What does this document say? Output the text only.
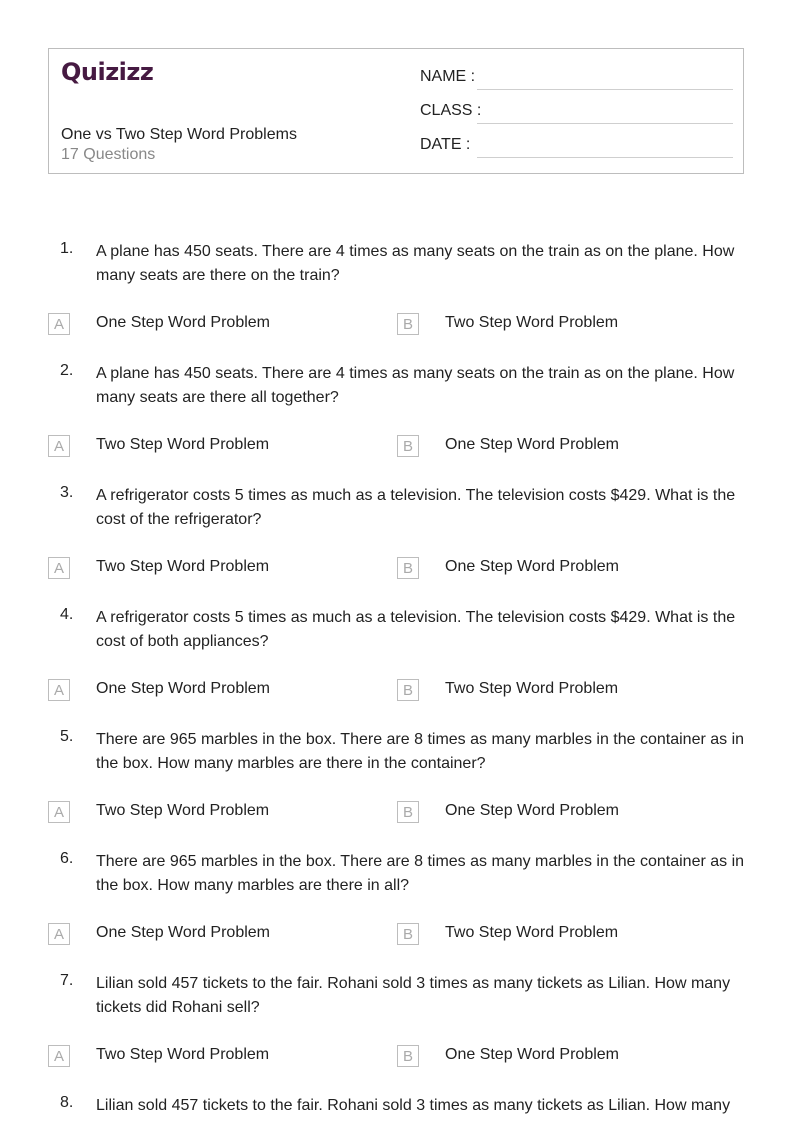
Quizizz
One vs Two Step Word Problems
17 Questions
NAME :
CLASS :
DATE :
1. A plane has 450 seats. There are 4 times as many seats on the train as on the plane. How many seats are there on the train?
A	One Step Word Problem	B	Two Step Word Problem
2. A plane has 450 seats. There are 4 times as many seats on the train as on the plane. How many seats are there all together?
A	Two Step Word Problem	B	One Step Word Problem
3. A refrigerator costs 5 times as much as a television. The television costs $429. What is the cost of the refrigerator?
A	Two Step Word Problem	B	One Step Word Problem
4. A refrigerator costs 5 times as much as a television. The television costs $429. What is the cost of both appliances?
A	One Step Word Problem	B	Two Step Word Problem
5. There are 965 marbles in the box. There are 8 times as many marbles in the container as in the box. How many marbles are there in the container?
A	Two Step Word Problem	B	One Step Word Problem
6. There are 965 marbles in the box. There are 8 times as many marbles in the container as in the box. How many marbles are there in all?
A	One Step Word Problem	B	Two Step Word Problem
7. Lilian sold 457 tickets to the fair. Rohani sold 3 times as many tickets as Lilian. How many tickets did Rohani sell?
A	Two Step Word Problem	B	One Step Word Problem
8. Lilian sold 457 tickets to the fair. Rohani sold 3 times as many tickets as Lilian. How many
